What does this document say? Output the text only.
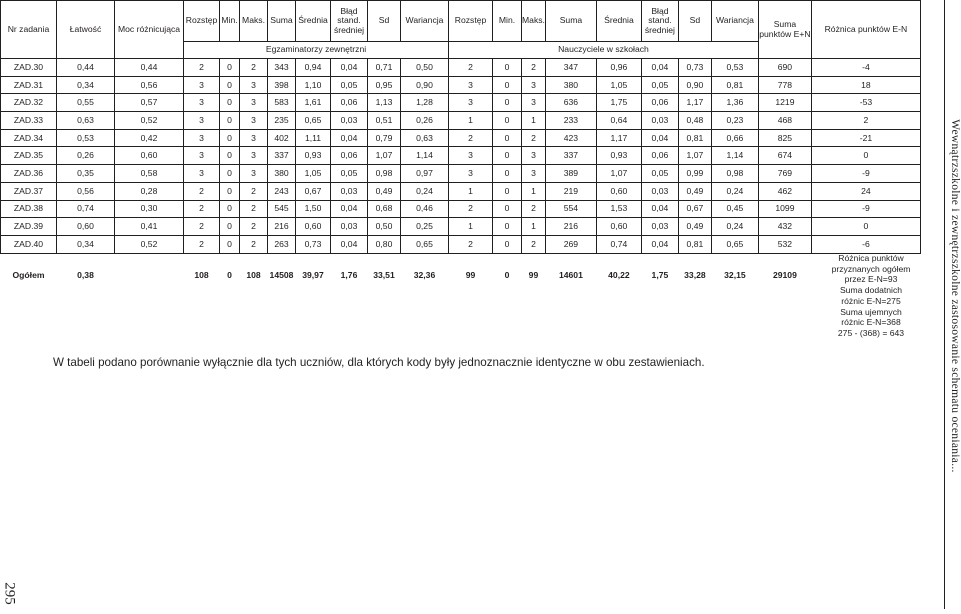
Nr zadania	Łatwość	Moc różnicująca	Rozstęp	Min.	Maks.	Suma	Średnia	Błąd stand. średniej	Sd	Wariancja	Rozstęp	Min.	Maks.	Suma	Średnia	Błąd stand. średniej	Sd	Wariancja	Suma punktów E+N	Różnica punktów E-N
			Egzaminatorzy zewnętrzni								Nauczyciele w szkołach									
ZAD.30	0,44	0,44	2	0	2	343	0,94	0,04	0,71	0,50	2	0	2	347	0,96	0,04	0,73	0,53	690	-4
ZAD.31	0,34	0,56	3	0	3	398	1,10	0,05	0,95	0,90	3	0	3	380	1,05	0,05	0,90	0,81	778	18
ZAD.32	0,55	0,57	3	0	3	583	1,61	0,06	1,13	1,28	3	0	3	636	1,75	0,06	1,17	1,36	1219	-53
ZAD.33	0,63	0,52	3	0	3	235	0,65	0,03	0,51	0,26	1	0	1	233	0,64	0,03	0,48	0,23	468	2
ZAD.34	0,53	0,42	3	0	3	402	1,11	0,04	0,79	0,63	2	0	2	423	1,17	0,04	0,81	0,66	825	-21
ZAD.35	0,26	0,60	3	0	3	337	0,93	0,06	1,07	1,14	3	0	3	337	0,93	0,06	1,07	1,14	674	0
ZAD.36	0,35	0,58	3	0	3	380	1,05	0,05	0,98	0,97	3	0	3	389	1,07	0,05	0,99	0,98	769	-9
ZAD.37	0,56	0,28	2	0	2	243	0,67	0,03	0,49	0,24	1	0	1	219	0,60	0,03	0,49	0,24	462	24
ZAD.38	0,74	0,30	2	0	2	545	1,50	0,04	0,68	0,46	2	0	2	554	1,53	0,04	0,67	0,45	1099	-9
ZAD.39	0,60	0,41	2	0	2	216	0,60	0,03	0,50	0,25	1	0	1	216	0,60	0,03	0,49	0,24	432	0
ZAD.40	0,34	0,52	2	0	2	263	0,73	0,04	0,80	0,65	2	0	2	269	0,74	0,04	0,81	0,65	532	-6
Ogółem	0,38		108	0	108	14508	39,97	1,76	33,51	32,36	99	0	99	14601	40,22	1,75	33,28	32,15	29109	
W tabeli podano porównanie wyłącznie dla tych uczniów, dla których kody były jednoznacznie identyczne w obu zestawieniach.
Różnica punktów
przyznanych ogółem
przez E-N=93
Suma dodatnich
różnic E-N=275
Suma ujemnych
różnic E-N=368
275 - (368) = 643	Wewnątrzszkolne i zewnętrzszkolne zastosowanie schematu oceniania...
295
